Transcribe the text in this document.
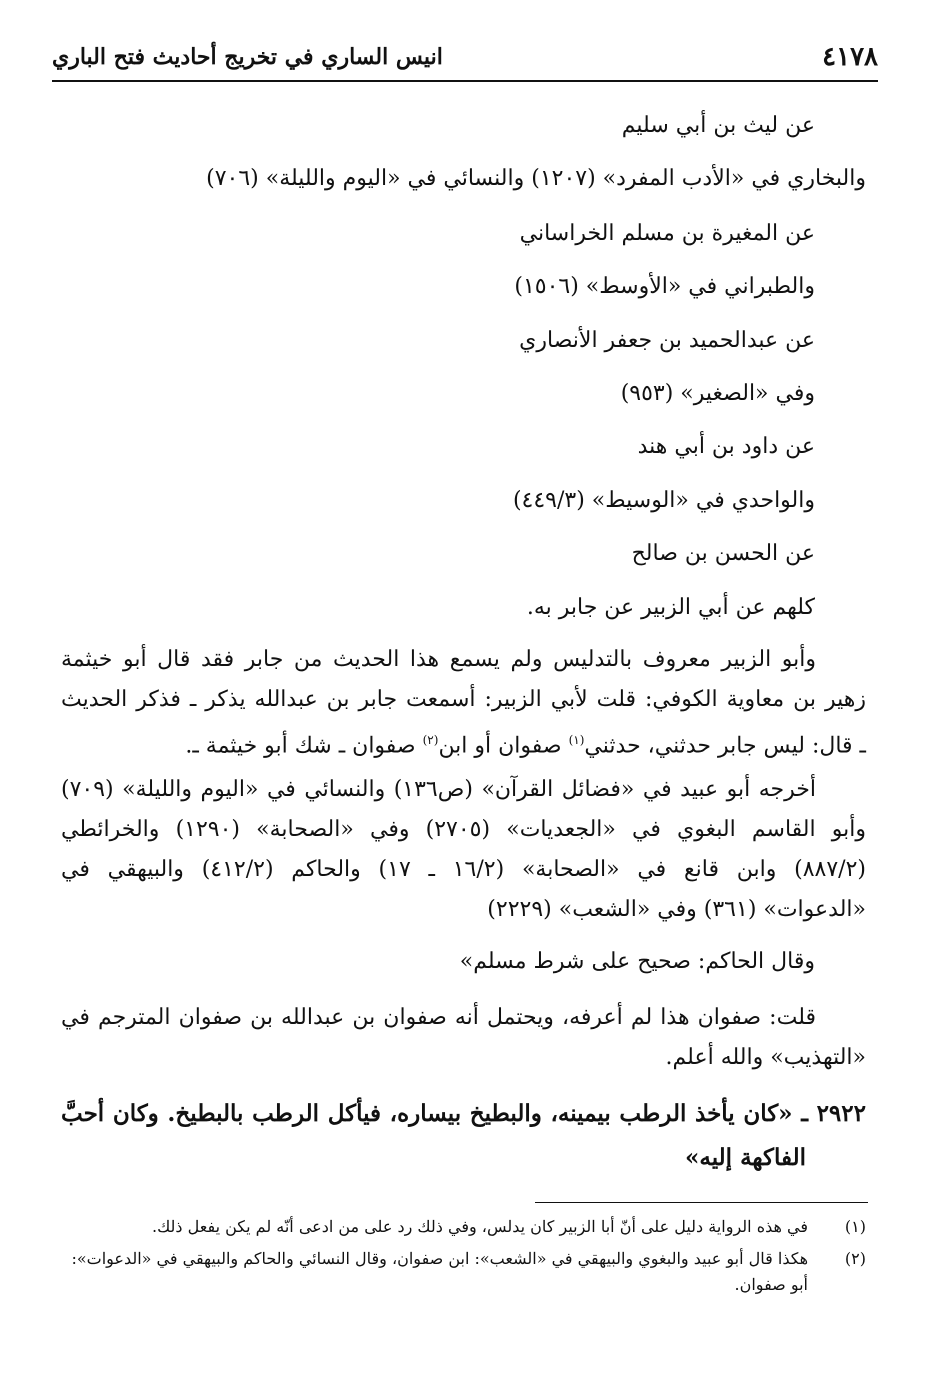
٤١٧٨
انيس الساري في تخريج أحاديث فتح الباري
عن ليث بن أبي سليم
والبخاري في «الأدب المفرد» (١٢٠٧) والنسائي في «اليوم والليلة» (٧٠٦)
عن المغيرة بن مسلم الخراساني
والطبراني في «الأوسط» (١٥٠٦)
عن عبدالحميد بن جعفر الأنصاري
وفي «الصغير» (٩٥٣)
عن داود بن أبي هند
والواحدي في «الوسيط» (٤٤٩/٣)
عن الحسن بن صالح
كلهم عن أبي الزبير عن جابر به.
وأبو الزبير معروف بالتدليس ولم يسمع هذا الحديث من جابر فقد قال أبو خيثمة
زهير بن معاوية الكوفي: قلت لأبي الزبير: أسمعت جابر بن عبدالله يذكر ـ فذكر الحديث
ـ قال: ليس جابر حدثني، حدثني$^{(١)}$ صفوان أو ابن$^{(٢)}$ صفوان ـ شك أبو خيثمة ـ.
أخرجه أبو عبيد في «فضائل القرآن» (ص١٣٦) والنسائي في «اليوم والليلة» (٧٠٩)
وأبو القاسم البغوي في «الجعديات» (٢٧٠٥) وفي «الصحابة» (١٢٩٠) والخرائطي
(٨٨٧/٢) وابن قانع في «الصحابة» (١٦/٢ ـ ١٧) والحاكم (٤١٢/٢) والبيهقي في
«الدعوات» (٣٦١) وفي «الشعب» (٢٢٢٩)
وقال الحاكم: صحيح على شرط مسلم»
قلت: صفوان هذا لم أعرفه، ويحتمل أنه صفوان بن عبدالله بن صفوان المترجم في
«التهذيب» والله أعلم.
٢٩٢٢ ـ «كان يأخذ الرطب بيمينه، والبطيخ بيساره، فيأكل الرطب بالبطيخ. وكان أحبَّ
الفاكهة إليه»
(١)
في هذه الرواية دليل على أنّ أبا الزبير كان يدلس، وفي ذلك رد على من ادعى أنّه لم يكن يفعل ذلك.
(٢)
هكذا قال أبو عبيد والبغوي والبيهقي في «الشعب»: ابن صفوان، وقال النسائي والحاكم والبيهقي في «الدعوات»: أبو صفوان.
